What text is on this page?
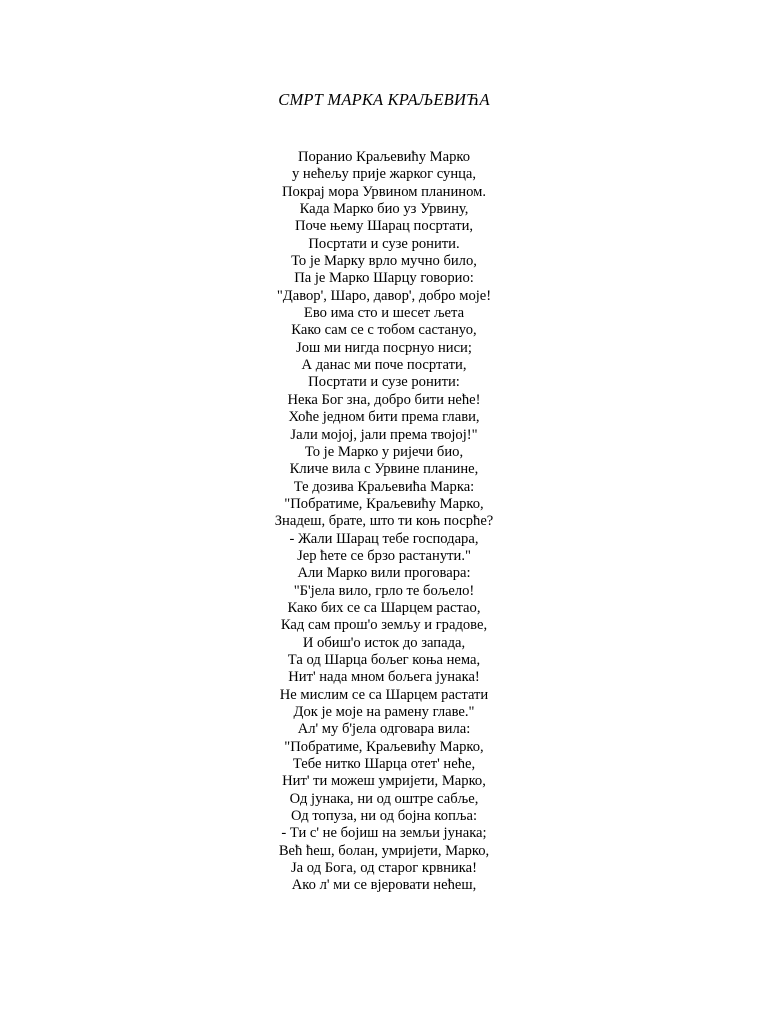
СМРТ МАРКА КРАЉЕВИЋА
Поранио Краљевићу Марко
у нећељу прије жарког сунца,
Покрај мора Урвином планином.
Када Марко био уз Урвину,
Поче њему Шарац посртати,
Посртати и сузе ронити.
То је Марку врло мучно било,
Па је Марко Шарцу говорио:
"Давор', Шаро, давор', добро моје!
Ево има сто и шесет љета
Како сам се с тобом састануо,
Још ми нигда посрнуо ниси;
А данас ми поче посртати,
Посртати и сузе ронити:
Нека Бог зна, добро бити неће!
Хоће једном бити према глави,
Јали мојој, јали према твојој!"
То је Марко у ријечи био,
Кличе вила с Урвине планине,
Те дозива Краљевића Марка:
"Побратиме, Краљевићу Марко,
Знадеш, брате, што ти коњ посрће?
- Жали Шарац тебе господара,
Јер ћете се брзо растанути."
Али Марко вили проговара:
"Б'јела вило, грло те бољело!
Како бих се са Шарцем растао,
Кад сам прош'о земљу и градове,
И обиш'о исток до запада,
Та од Шарца бољег коња нема,
Нит' нада мном бољега јунака!
Не мислим се са Шарцем растати
Док је моје на рамену главе."
Ал' му б'јела одговара вила:
"Побратиме, Краљевићу Марко,
Тебе нитко Шарца отет' неће,
Нит' ти можеш умријети, Марко,
Од јунака, ни од оштре сабље,
Од топуза, ни од бојна копља:
- Ти с' не бојиш на земљи јунака;
Већ ћеш, болан, умријети, Марко,
Ја од Бога, од старог крвника!
Ако л' ми се вјеровати нећеш,
